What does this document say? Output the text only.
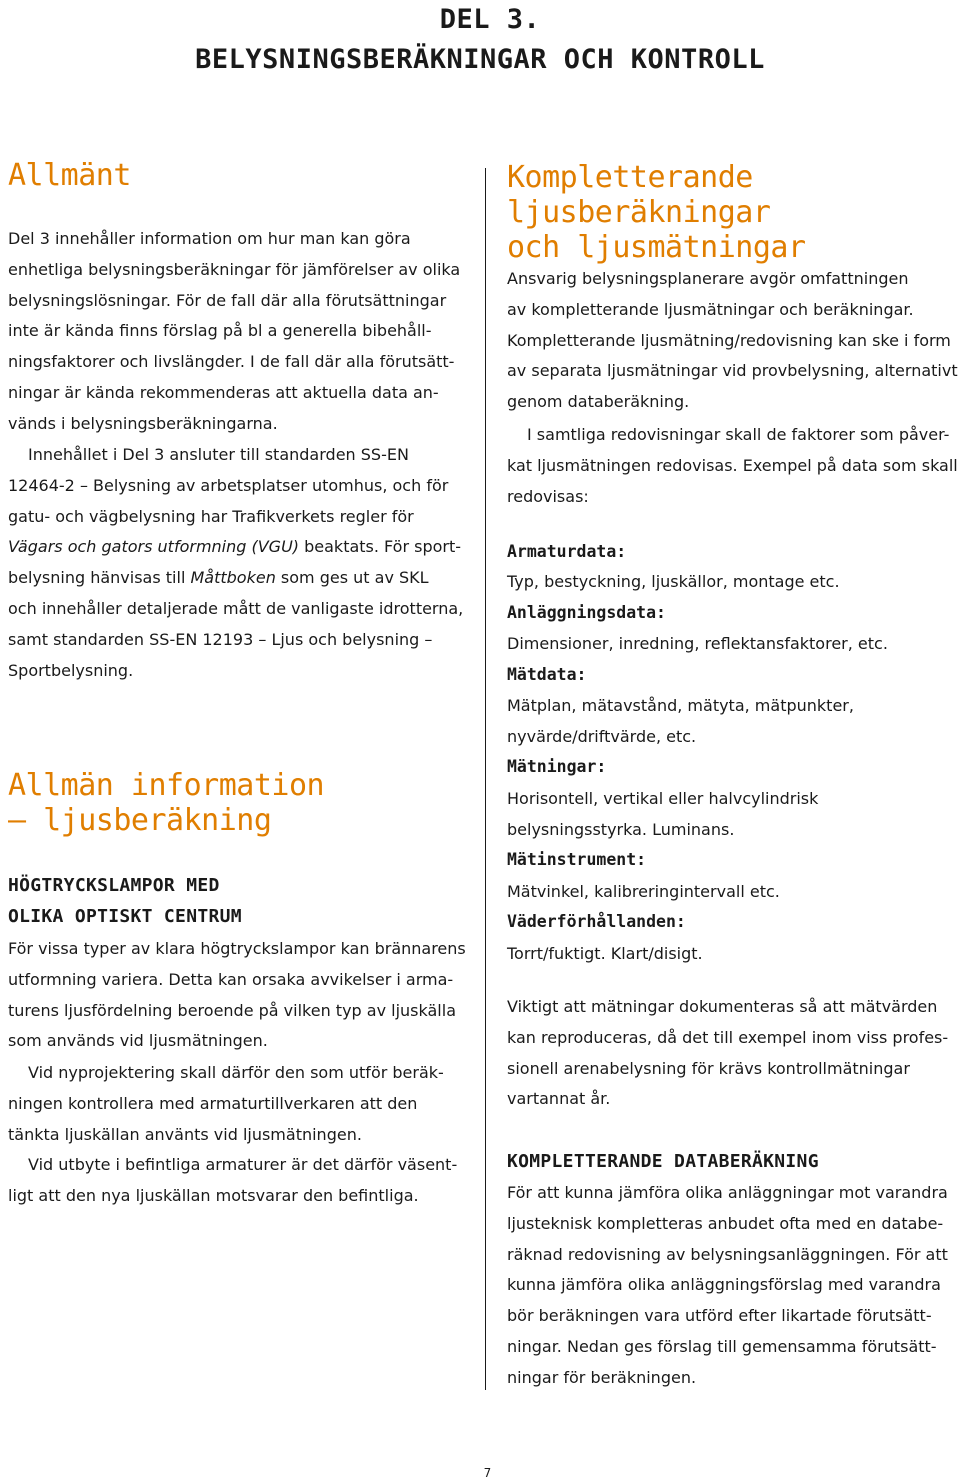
DEL 3.
BELYSNINGSBERÄKNINGAR OCH KONTROLL
Allmänt
Del 3 innehåller information om hur man kan göra
enhetliga belysningsberäkningar för jämförelser av olika
belysningslösningar. För de fall där alla förutsättningar
inte är kända finns förslag på bl a generella bibehåll-
ningsfaktorer och livslängder. I de fall där alla förutsätt-
ningar är kända rekommenderas att aktuella data an-
vänds i belysningsberäkningarna.
Innehållet i Del 3 ansluter till standarden SS-EN
12464-2 – Belysning av arbetsplatser utomhus, och för
gatu- och vägbelysning har Trafikverkets regler för
Vägars och gators utformning (VGU) beaktats. För sport-
belysning hänvisas till Måttboken som ges ut av SKL
och innehåller detaljerade mått de vanligaste idrotterna,
samt standarden SS-EN 12193 – Ljus och belysning –
Sportbelysning.
Allmän information
– ljusberäkning
HÖGTRYCKSLAMPOR MED
OLIKA OPTISKT CENTRUM
För vissa typer av klara högtryckslampor kan brännarens
utformning variera. Detta kan orsaka avvikelser i arma-
turens ljusfördelning beroende på vilken typ av ljuskälla
som används vid ljusmätningen.
Vid nyprojektering skall därför den som utför beräk-
ningen kontrollera med armaturtillverkaren att den
tänkta ljuskällan använts vid ljusmätningen.
Vid utbyte i befintliga armaturer är det därför väsent-
ligt att den nya ljuskällan motsvarar den befintliga.
Kompletterande ljusberäkningar
och ljusmätningar
Ansvarig belysningsplanerare avgör omfattningen
av kompletterande ljusmätningar och beräkningar.
Kompletterande ljusmätning/redovisning kan ske i form
av separata ljusmätningar vid provbelysning, alternativt
genom databeräkning.
I samtliga redovisningar skall de faktorer som påver-
kat ljusmätningen redovisas. Exempel på data som skall
redovisas:
Armaturdata:
Typ, bestyckning, ljuskällor, montage etc.
Anläggningsdata:
Dimensioner, inredning, reflektansfaktorer, etc.
Mätdata:
Mätplan, mätavstånd, mätyta, mätpunkter,
nyvärde/driftvärde, etc.
Mätningar:
Horisontell, vertikal eller halvcylindrisk
belysningsstyrka. Luminans.
Mätinstrument:
Mätvinkel, kalibreringintervall etc.
Väderförhållanden:
Torrt/fuktigt. Klart/disigt.
Viktigt att mätningar dokumenteras så att mätvärden
kan reproduceras, då det till exempel inom viss profes-
sionell arenabelysning för krävs kontrollmätningar
vartannat år.
KOMPLETTERANDE DATABERÄKNING
För att kunna jämföra olika anläggningar mot varandra
ljusteknisk kompletteras anbudet ofta med en databe-
räknad redovisning av belysningsanläggningen. För att
kunna jämföra olika anläggningsförslag med varandra
bör beräkningen vara utförd efter likartade förutsätt-
ningar. Nedan ges förslag till gemensamma förutsätt-
ningar för beräkningen.
7
